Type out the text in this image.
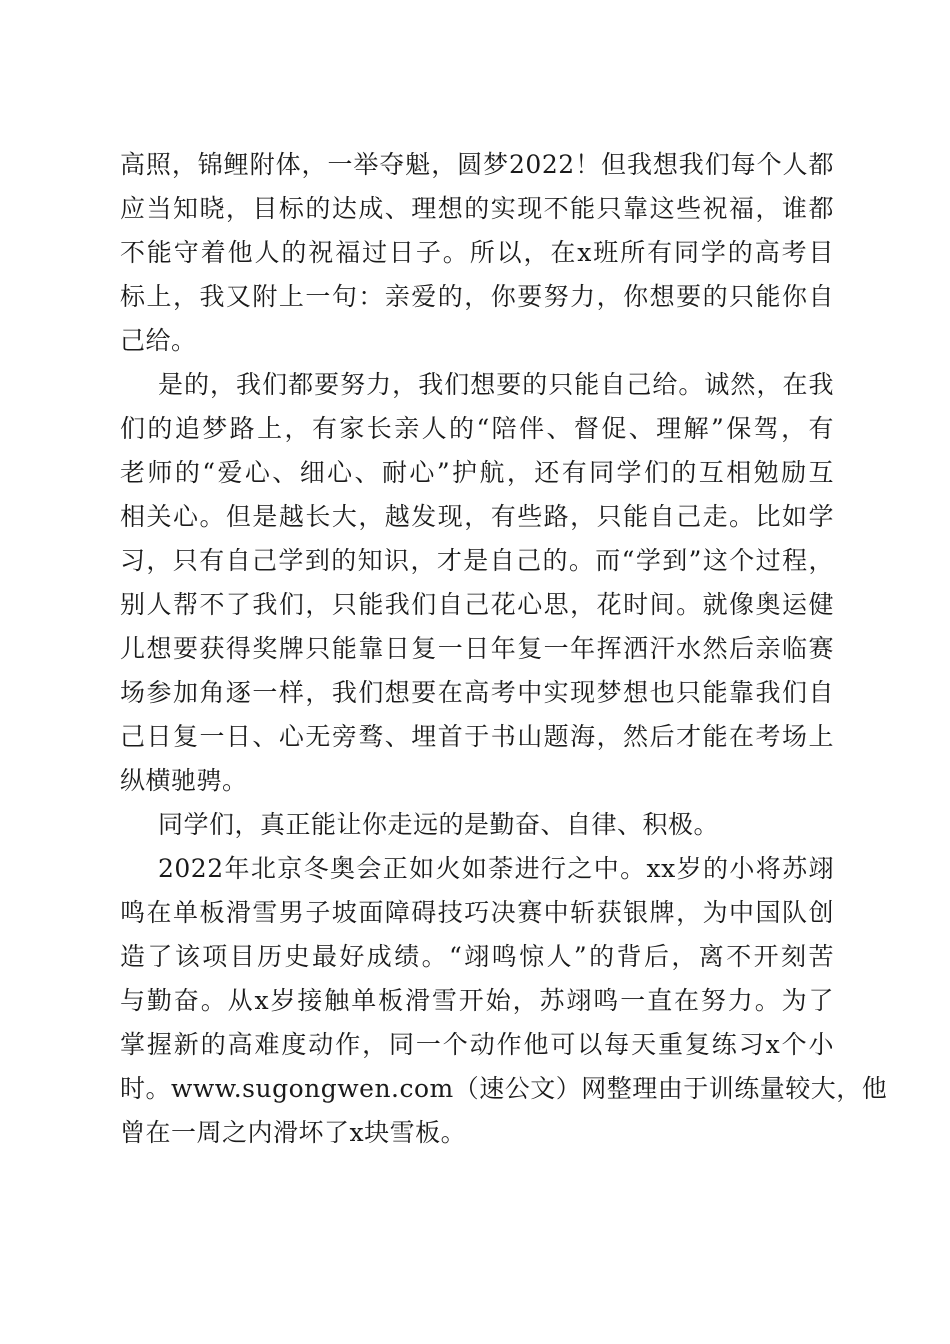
高照，锦鲤附体，一举夺魁，圆梦2022！但我想我们每个人都
应当知晓，目标的达成、理想的实现不能只靠这些祝福，谁都
不能守着他人的祝福过日子。所以，在x班所有同学的高考目
标上，我又附上一句：亲爱的，你要努力，你想要的只能你自
己给。
是的，我们都要努力，我们想要的只能自己给。诚然，在我
们的追梦路上，有家长亲人的“陪伴、督促、理解”保驾，有
老师的“爱心、细心、耐心”护航，还有同学们的互相勉励互
相关心。但是越长大，越发现，有些路，只能自己走。比如学
习，只有自己学到的知识，才是自己的。而“学到”这个过程，
别人帮不了我们，只能我们自己花心思，花时间。就像奥运健
儿想要获得奖牌只能靠日复一日年复一年挥洒汗水然后亲临赛
场参加角逐一样，我们想要在高考中实现梦想也只能靠我们自
己日复一日、心无旁骛、埋首于书山题海，然后才能在考场上
纵横驰骋。
同学们，真正能让你走远的是勤奋、自律、积极。
2022年北京冬奥会正如火如荼进行之中。xx岁的小将苏翊
鸣在单板滑雪男子坡面障碍技巧决赛中斩获银牌，为中国队创
造了该项目历史最好成绩。“翊鸣惊人”的背后，离不开刻苦
与勤奋。从x岁接触单板滑雪开始，苏翊鸣一直在努力。为了
掌握新的高难度动作，同一个动作他可以每天重复练习x个小
时。www.sugongwen.com（速公文）网整理由于训练量较大，他
曾在一周之内滑坏了x块雪板。
